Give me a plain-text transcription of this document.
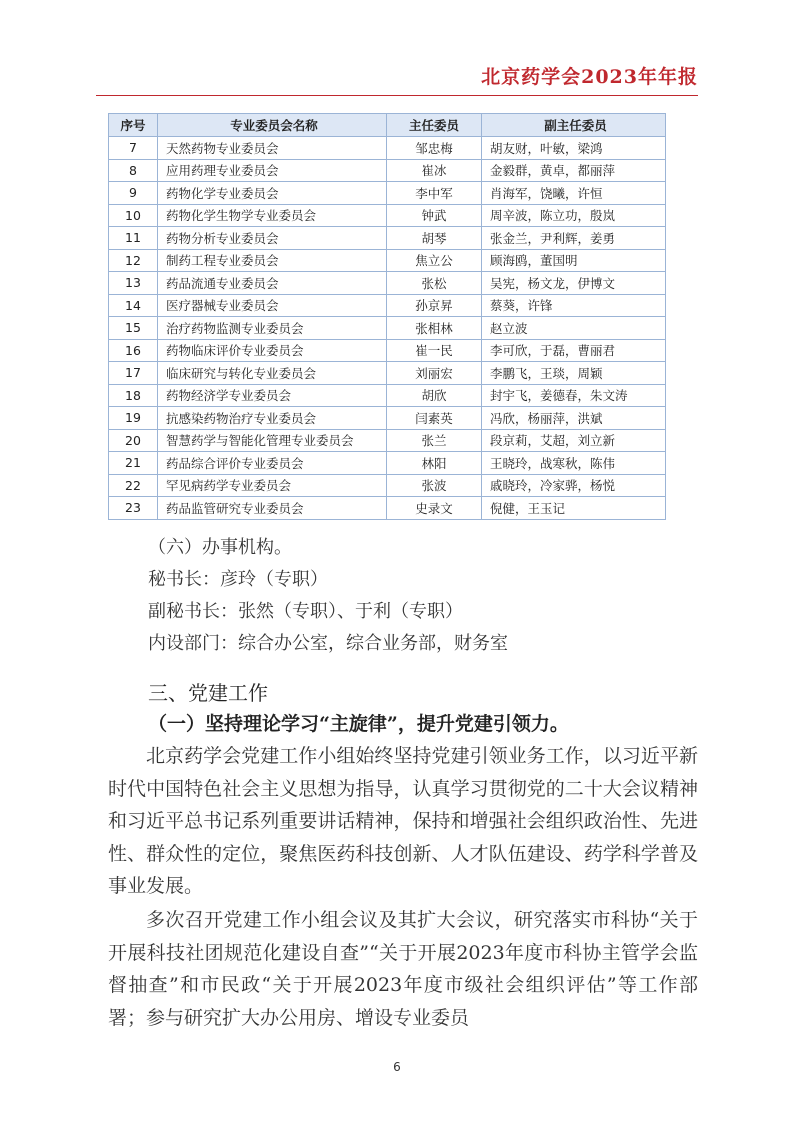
北京药学会2023年年报
序号	专业委员会名称	主任委员	副主任委员
7	天然药物专业委员会	邹忠梅	胡友财，叶敏，梁鸿
8	应用药理专业委员会	崔冰	金毅群，黄卓，都丽萍
9	药物化学专业委员会	李中军	肖海军，饶曦，许恒
10	药物化学生物学专业委员会	钟武	周辛波，陈立功，殷岚
11	药物分析专业委员会	胡琴	张金兰，尹利辉，姜勇
12	制药工程专业委员会	焦立公	顾海鸥，董国明
13	药品流通专业委员会	张松	吴宪，杨文龙，伊博文
14	医疗器械专业委员会	孙京昇	蔡葵，许锋
15	治疗药物监测专业委员会	张相林	赵立波
16	药物临床评价专业委员会	崔一民	李可欣，于磊，曹丽君
17	临床研究与转化专业委员会	刘丽宏	李鹏飞，王琰，周颖
18	药物经济学专业委员会	胡欣	封宇飞，姜德春，朱文涛
19	抗感染药物治疗专业委员会	闫素英	冯欣，杨丽萍，洪斌
20	智慧药学与智能化管理专业委员会	张兰	段京莉，艾超，刘立新
21	药品综合评价专业委员会	林阳	王晓玲，战寒秋，陈伟
22	罕见病药学专业委员会	张波	戚晓玲，冷家骅，杨悦
23	药品监管研究专业委员会	史录文	倪健，王玉记
（六）办事机构。
秘书长：彦玲（专职）
副秘书长：张然（专职）、于利（专职）
内设部门：综合办公室，综合业务部，财务室
三、党建工作
（一）坚持理论学习“主旋律”，提升党建引领力。
北京药学会党建工作小组始终坚持党建引领业务工作，以习近平新时代中国特色社会主义思想为指导，认真学习贯彻党的二十大会议精神和习近平总书记系列重要讲话精神，保持和增强社会组织政治性、先进性、群众性的定位，聚焦医药科技创新、人才队伍建设、药学科学普及事业发展。
多次召开党建工作小组会议及其扩大会议，研究落实市科协“关于开展科技社团规范化建设自查”“关于开展2023年度市科协主管学会监督抽查”和市民政“关于开展2023年度市级社会组织评估”等工作部署；参与研究扩大办公用房、增设专业委员
6
